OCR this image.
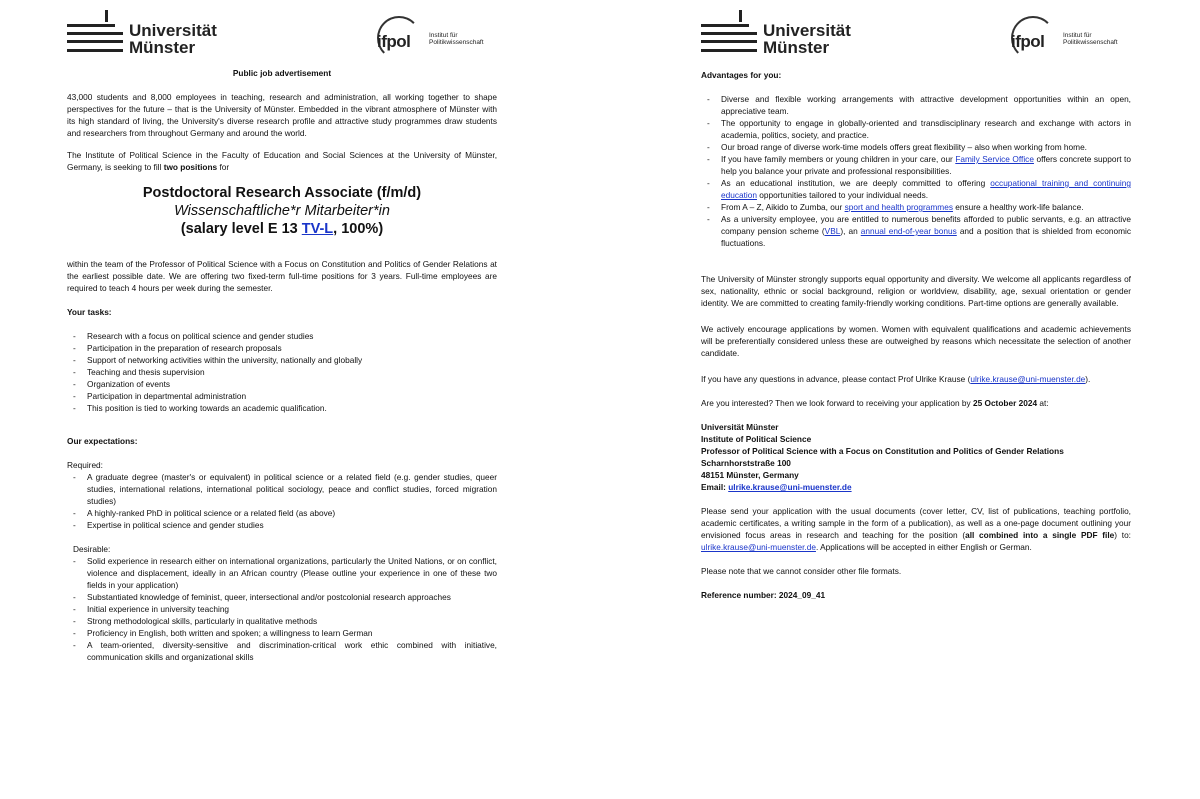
Universität
Münster	ifpol	Institut für
Politikwissenschaft

Public job advertisement

43,000 students and 8,000 employees in teaching, research and administration, all working together to shape perspectives for the future – that is the University of Münster. Embedded in the vibrant atmosphere of Münster with its high standard of living, the University's diverse research profile and attractive study programmes draw students and researchers from throughout Germany and around the world.

The Institute of Political Science in the Faculty of Education and Social Sciences at the University of Münster, Germany, is seeking to fill two positions for

Postdoctoral Research Associate (f/m/d)
Wissenschaftliche*r Mitarbeiter*in
(salary level E 13 TV-L, 100%)

within the team of the Professor of Political Science with a Focus on Constitution and Politics of Gender Relations at the earliest possible date. We are offering two fixed-term full-time positions for 3 years. Full-time employees are required to teach 4 hours per week during the semester.

Your tasks:

- Research with a focus on political science and gender studies
- Participation in the preparation of research proposals
- Support of networking activities within the university, nationally and globally
- Teaching and thesis supervision
- Organization of events
- Participation in departmental administration
- This position is tied to working towards an academic qualification.

Our expectations:

Required:

- A graduate degree (master's or equivalent) in political science or a related field (e.g. gender studies, queer studies, international relations, international political sociology, peace and conflict studies, forced migration studies)
- A highly-ranked PhD in political science or a related field (as above)
- Expertise in political science and gender studies

Desirable:

- Solid experience in research either on international organizations, particularly the United Nations, or on conflict, violence and displacement, ideally in an African country (Please outline your experience in one of these two fields in your application)
- Substantiated knowledge of feminist, queer, intersectional and/or postcolonial research approaches
- Initial experience in university teaching
- Strong methodological skills, particularly in qualitative methods
- Proficiency in English, both written and spoken; a willingness to learn German
- A team-oriented, diversity-sensitive and discrimination-critical work ethic combined with initiative, communication skills and organizational skills
Universität
Münster	ifpol	Institut für
Politikwissenschaft

Advantages for you:

- Diverse and flexible working arrangements with attractive development opportunities within an open, appreciative team.
- The opportunity to engage in globally-oriented and transdisciplinary research and exchange with actors in academia, politics, society, and practice.
- Our broad range of diverse work-time models offers great flexibility – also when working from home.
- If you have family members or young children in your care, our Family Service Office offers concrete support to help you balance your private and professional responsibilities.
- As an educational institution, we are deeply committed to offering occupational training and continuing education opportunities tailored to your individual needs.
- From A – Z, Aikido to Zumba, our sport and health programmes ensure a healthy work-life balance.
- As a university employee, you are entitled to numerous benefits afforded to public servants, e.g. an attractive company pension scheme (VBL), an annual end-of-year bonus and a position that is shielded from economic fluctuations.

The University of Münster strongly supports equal opportunity and diversity. We welcome all applicants regardless of sex, nationality, ethnic or social background, religion or worldview, disability, age, sexual orientation or gender identity. We are committed to creating family-friendly working conditions. Part-time options are generally available.

We actively encourage applications by women. Women with equivalent qualifications and academic achievements will be preferentially considered unless these are outweighed by reasons which necessitate the selection of another candidate.

If you have any questions in advance, please contact Prof Ulrike Krause (ulrike.krause@uni-muenster.de).

Are you interested? Then we look forward to receiving your application by 25 October 2024 at:

Universität Münster
Institute of Political Science
Professor of Political Science with a Focus on Constitution and Politics of Gender Relations
Scharnhorststraße 100
48151 Münster, Germany
Email: ulrike.krause@uni-muenster.de

Please send your application with the usual documents (cover letter, CV, list of publications, teaching portfolio, academic certificates, a writing sample in the form of a publication), as well as a one-page document outlining your envisioned focus areas in research and teaching for the position (all combined into a single PDF file) to: ulrike.krause@uni-muenster.de. Applications will be accepted in either English or German.

Please note that we cannot consider other file formats.

Reference number: 2024_09_41
